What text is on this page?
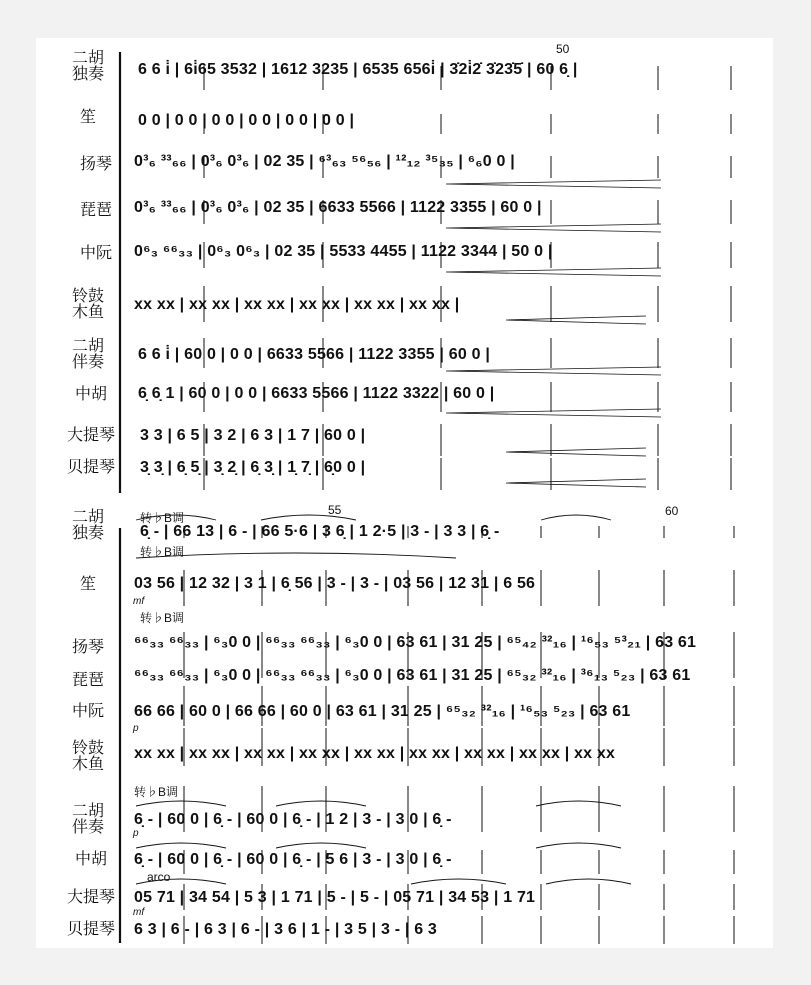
二胡
独奏
笙
扬琴
琵琶
中阮
铃鼓
木鱼
二胡
伴奏
中胡
大提琴
贝提琴
50
6 6 i̇ | 6i̇65 3532 | 1612 3235 | 6535 656i̇ | 3̇2i̇2̇ 3̇23̇5̇ | 60 6̣ |
0 0 | 0 0 | 0 0 | 0 0 | 0 0 | 0 0 |
0³₆ ³³₆₆ | 0³₆ 0³₆ | 02 35 | ⁶³₆₃ ⁵⁶₅₆ | ¹²₁₂ ³⁵₃₅ | ⁶₆0 0 |
0³₆ ³³₆₆ | 0³₆ 0³₆ | 02 35 | 6633 5566 | 1122 3355 | 60 0 |
0⁶₃ ⁶⁶₃₃ | 0⁶₃ 0⁶₃ | 02 35 | 5533 4455 | 1122 3344 | 50 0 |
xx xx | xx xx | xx xx | xx xx | xx xx | xx xx |
6 6 i̇ | 60 0 | 0 0 | 6633 5566 | 1122 3355 | 60 0 |
6̣ 6̣ 1 | 60 0 | 0 0 | 6633 5566 | 1122 3322 | 60 0 |
3 3 | 6 5 | 3 2 | 6 3 | 1 7 | 60 0 |
3̣ 3̣ | 6̣ 5̣ | 3̣ 2̣ | 6̣ 3̣ | 1̣ 7̣ | 6̣0 0 |
转♭B调
转♭B调
转♭B调
转♭B调
55	60
二胡
独奏
笙
扬琴
琵琶
中阮
铃鼓
木鱼
二胡
伴奏
中胡
大提琴
贝提琴
6̣ - | 66 13 | 6 - | 66 5·6 | 3 6̣ | 1 2·5 | 3 - | 3 3 | 6̣ -
03 56 | 12 32 | 3 1 | 6̣ 56 | 3 - | 3 - | 03 56 | 12 31 | 6 56
⁶⁶₃₃ ⁶⁶₃₃ | ⁶₃0 0 | ⁶⁶₃₃ ⁶⁶₃₃ | ⁶₃0 0 | 63 61 | 31 25 | ⁶⁵₄₂ ³²₁₆ | ¹⁶₅₃ ⁵³₂₁ | 63 61
⁶⁶₃₃ ⁶⁶₃₃ | ⁶₃0 0 | ⁶⁶₃₃ ⁶⁶₃₃ | ⁶₃0 0 | 63 61 | 31 25 | ⁶⁵₃₂ ³²₁₆ | ³⁶₁₃ ⁵₂₃ | 63 61
66 66 | 60 0 | 66 66 | 60 0 | 63 61 | 31 25 | ⁶⁵₃₂ ³²₁₆ | ¹⁶₅₃ ⁵₂₃ | 63 61
xx xx | xx xx | xx xx | xx xx | xx xx | xx xx | xx xx | xx xx | xx xx
6̣ - | 60 0 | 6̣ - | 60 0 | 6̣ - | 1 2 | 3 - | 3 0 | 6̣ -
6̣ - | 60 0 | 6̣ - | 60 0 | 6̣ - | 5 6 | 3 - | 3 0 | 6̣ -
05 71 | 34 54 | 5 3 | 1 71 | 5 - | 5 - | 05 71 | 34 53 | 1 71
6 3 | 6 - | 6 3 | 6 - | 3 6 | 1 - | 3 5 | 3 - | 6 3
arco
mf
mf
p
p
